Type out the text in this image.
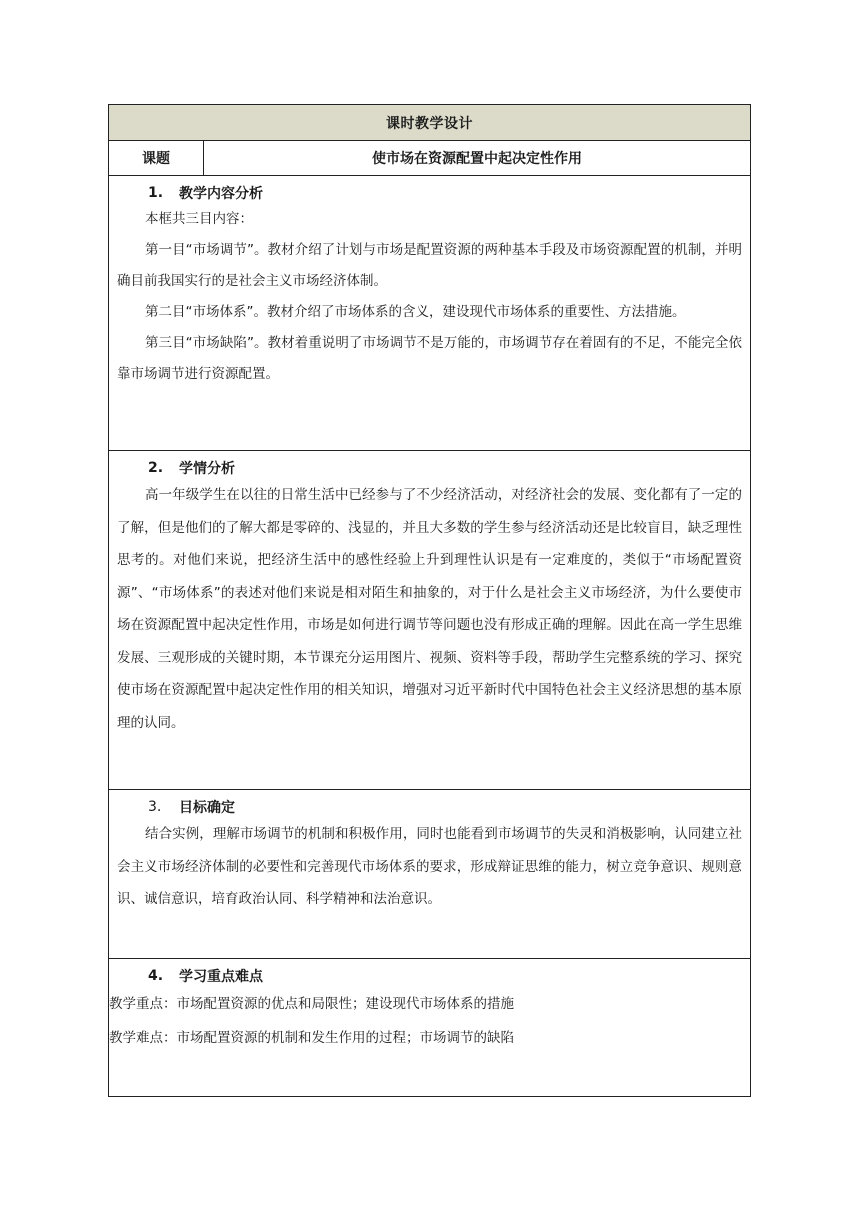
课时教学设计
课题	使市场在资源配置中起决定性作用
1.	教学内容分析

本框共三目内容：

第一目“市场调节”。教材介绍了计划与市场是配置资源的两种基本手段及市场资源配置的机制，并明确目前我国实行的是社会主义市场经济体制。

第二目“市场体系”。教材介绍了市场体系的含义，建设现代市场体系的重要性、方法措施。

第三目“市场缺陷”。教材着重说明了市场调节不是万能的，市场调节存在着固有的不足，不能完全依靠市场调节进行资源配置。

2.	学情分析

高一年级学生在以往的日常生活中已经参与了不少经济活动，对经济社会的发展、变化都有了一定的了解，但是他们的了解大都是零碎的、浅显的，并且大多数的学生参与经济活动还是比较盲目，缺乏理性思考的。对他们来说，把经济生活中的感性经验上升到理性认识是有一定难度的，类似于“市场配置资源”、“市场体系”的表述对他们来说是相对陌生和抽象的，对于什么是社会主义市场经济，为什么要使市场在资源配置中起决定性作用，市场是如何进行调节等问题也没有形成正确的理解。因此在高一学生思维发展、三观形成的关键时期，本节课充分运用图片、视频、资料等手段，帮助学生完整系统的学习、探究使市场在资源配置中起决定性作用的相关知识，增强对习近平新时代中国特色社会主义经济思想的基本原理的认同。

3.	目标确定

结合实例，理解市场调节的机制和积极作用，同时也能看到市场调节的失灵和消极影响，认同建立社会主义市场经济体制的必要性和完善现代市场体系的要求，形成辩证思维的能力，树立竞争意识、规则意识、诚信意识，培育政治认同、科学精神和法治意识。

4.	学习重点难点

教学重点：市场配置资源的优点和局限性；建设现代市场体系的措施

教学难点：市场配置资源的机制和发生作用的过程；市场调节的缺陷
